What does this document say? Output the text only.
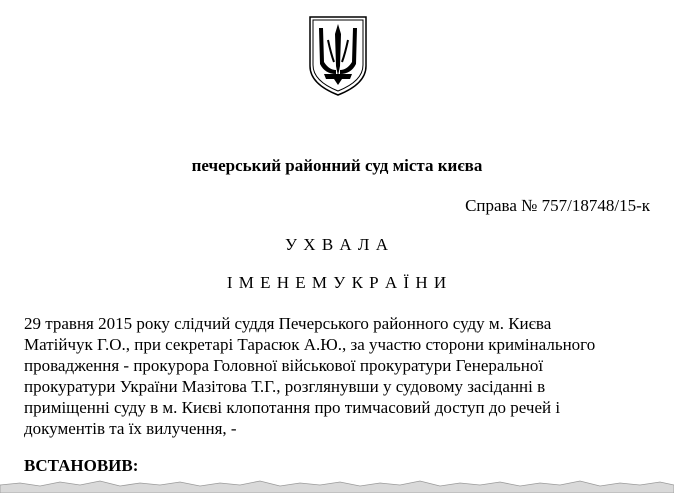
печерський районний суд міста києва
Справа № 757/18748/15-к
У Х В А Л А
І М Е Н Е М У К Р А Ї Н И
29 травня 2015 року слідчий суддя Печерського районного суду м. Києва
Матійчук Г.О., при секретарі Тарасюк А.Ю., за участю сторони кримінального
провадження - прокурора Головної військової прокуратури Генеральної
прокуратури України Мазітова Т.Г., розглянувши у судовому засіданні в
приміщенні суду в м. Києві клопотання про тимчасовий доступ до речей і
документів та їх вилучення, -
ВСТАНОВИВ:
